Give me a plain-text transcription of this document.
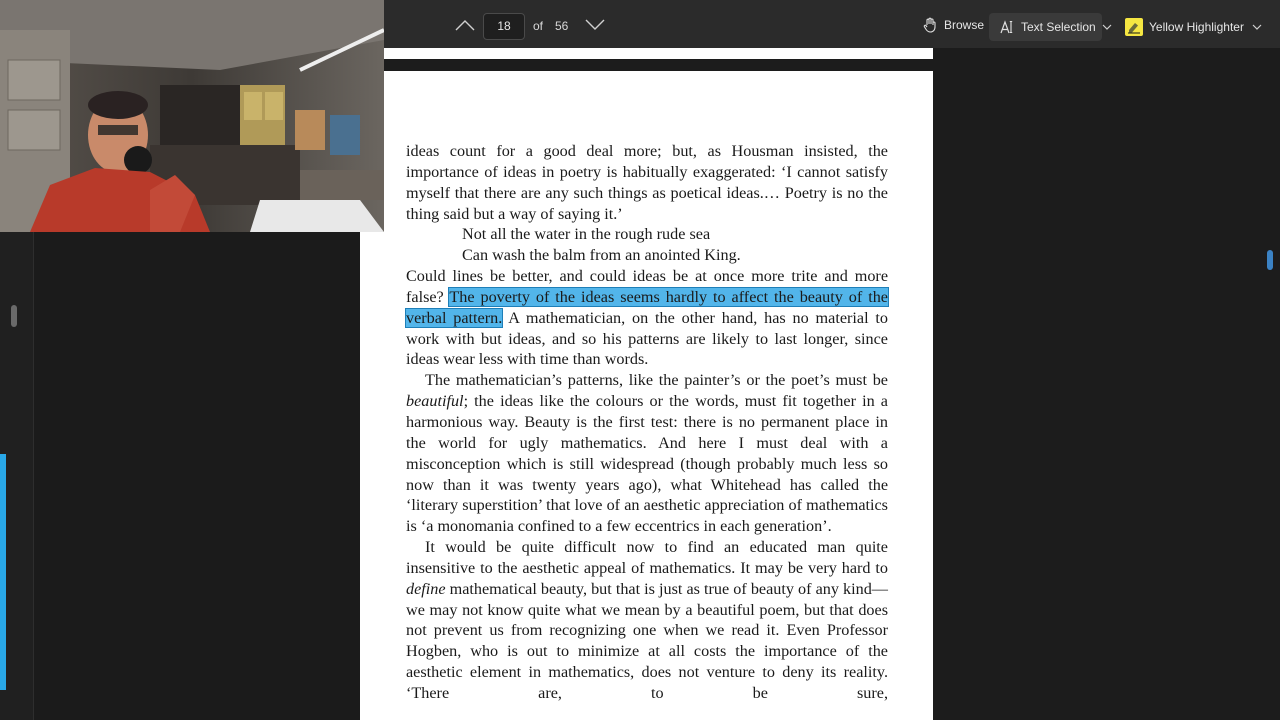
ideas count for a good deal more; but, as Housman insisted, the importance of ideas in poetry is habitually exaggerated: ‘I cannot satisfy myself that there are any such things as poetical ideas.… Poetry is no the thing said but a way of saying it.’

Not all the water in the rough rude sea

Can wash the balm from an anointed King.

Could lines be better, and could ideas be at once more trite and more false? The poverty of the ideas seems hardly to affect the beauty of the verbal pattern. A mathematician, on the other hand, has no material to work with but ideas, and so his patterns are likely to last longer, since ideas wear less with time than words.

The mathematician’s patterns, like the painter’s or the poet’s must be beautiful; the ideas like the colours or the words, must fit together in a harmonious way. Beauty is the first test: there is no permanent place in the world for ugly mathematics. And here I must deal with a misconception which is still widespread (though probably much less so now than it was twenty years ago), what Whitehead has called the ‘literary superstition’ that love of an aesthetic appreciation of mathematics is ‘a monomania confined to a few eccentrics in each generation’.

It would be quite difficult now to find an educated man quite insensitive to the aesthetic appeal of mathematics. It may be very hard to define mathematical beauty, but that is just as true of beauty of any kind—we may not know quite what we mean by a beautiful poem, but that does not prevent us from recognizing one when we read it. Even Professor Hogben, who is out to minimize at all costs the importance of the aesthetic element in mathematics, does not venture to deny its reality. ‘There are, to be sure,

18	of 56	Browse	Text Selection	Yellow Highlighter
